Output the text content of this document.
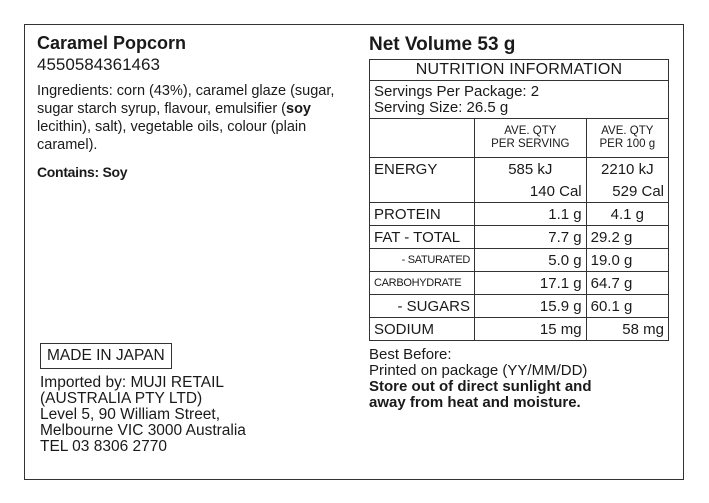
Caramel Popcorn
4550584361463
Ingredients: corn (43%), caramel glaze (sugar, sugar starch syrup, flavour, emulsifier (soy lecithin), salt), vegetable oils, colour (plain caramel).
Contains: Soy
MADE IN JAPAN
Imported by: MUJI RETAIL
(AUSTRALIA PTY LTD)
Level 5, 90 William Street,
Melbourne VIC 3000 Australia
TEL 03 8306 2770
Net Volume 53 g
NUTRITION INFORMATION
Servings Per Package: 2
Serving Size: 26.5 g
	AVE. QTY
PER SERVING	AVE. QTY
PER 100 g
ENERGY	585 kJ	2210 kJ
	140 Cal	529 Cal
PROTEIN	1.1 g	4.1 g
FAT - TOTAL	7.7 g	29.2 g
- SATURATED	5.0 g	19.0 g
CARBOHYDRATE	17.1 g	64.7 g
- SUGARS	15.9 g	60.1 g
SODIUM	15 mg	58 mg
Best Before:
Printed on package (YY/MM/DD)
Store out of direct sunlight and
away from heat and moisture.
